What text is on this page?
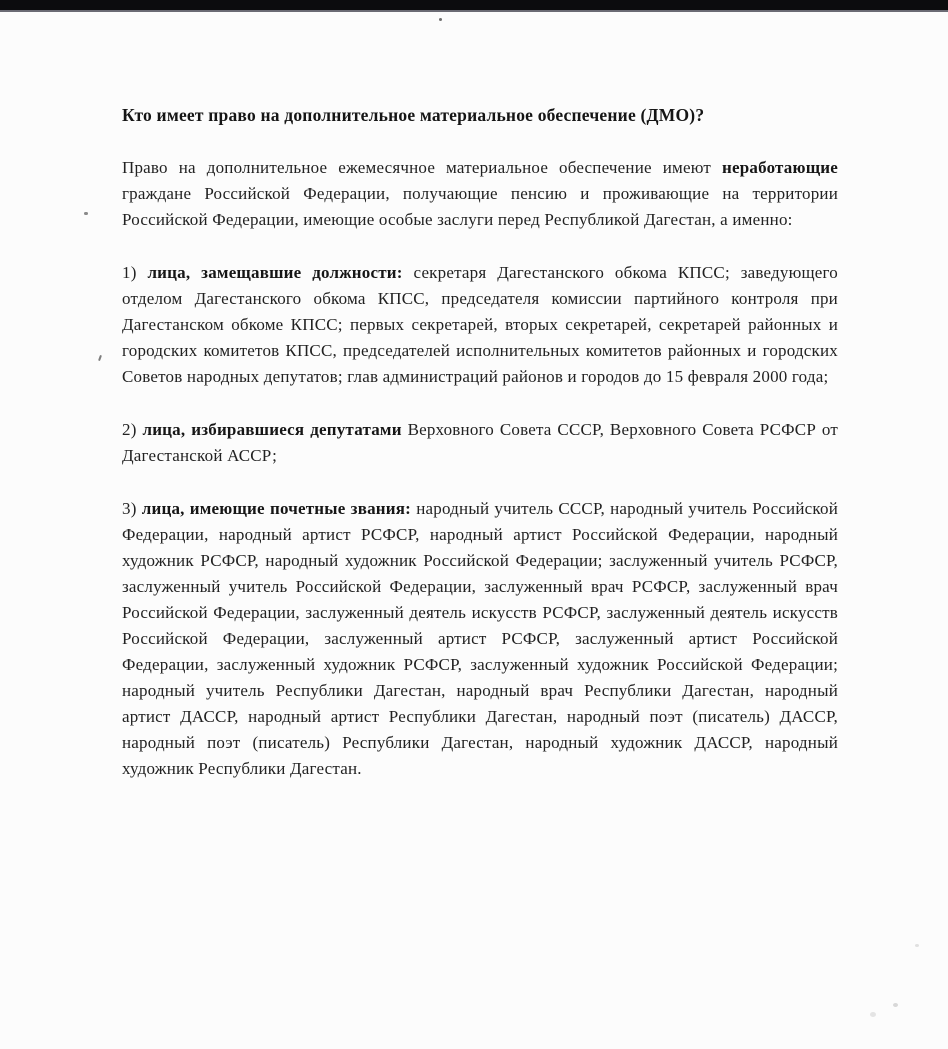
Кто имеет право на дополнительное материальное обеспечение (ДМО)?

Право на дополнительное ежемесячное материальное обеспечение имеют неработающие граждане Российской Федерации, получающие пенсию и проживающие на территории Российской Федерации, имеющие особые заслуги перед Республикой Дагестан, а именно:

1) лица, замещавшие должности: секретаря Дагестанского обкома КПСС; заведующего отделом Дагестанского обкома КПСС, председателя комиссии партийного контроля при Дагестанском обкоме КПСС; первых секретарей, вторых секретарей, секретарей районных и городских комитетов КПСС, председателей исполнительных комитетов районных и городских Советов народных депутатов; глав администраций районов и городов до 15 февраля 2000 года;

2) лица, избиравшиеся депутатами Верховного Совета СССР, Верховного Совета РСФСР от Дагестанской АССР;

3) лица, имеющие почетные звания: народный учитель СССР, народный учитель Российской Федерации, народный артист РСФСР, народный артист Российской Федерации, народный художник РСФСР, народный художник Российской Федерации; заслуженный учитель РСФСР, заслуженный учитель Российской Федерации, заслуженный врач РСФСР, заслуженный врач Российской Федерации, заслуженный деятель искусств РСФСР, заслуженный деятель искусств Российской Федерации, заслуженный артист РСФСР, заслуженный артист Российской Федерации, заслуженный художник РСФСР, заслуженный художник Российской Федерации; народный учитель Республики Дагестан, народный врач Республики Дагестан, народный артист ДАССР, народный артист Республики Дагестан, народный поэт (писатель) ДАССР, народный поэт (писатель) Республики Дагестан, народный художник ДАССР, народный художник Республики Дагестан.
